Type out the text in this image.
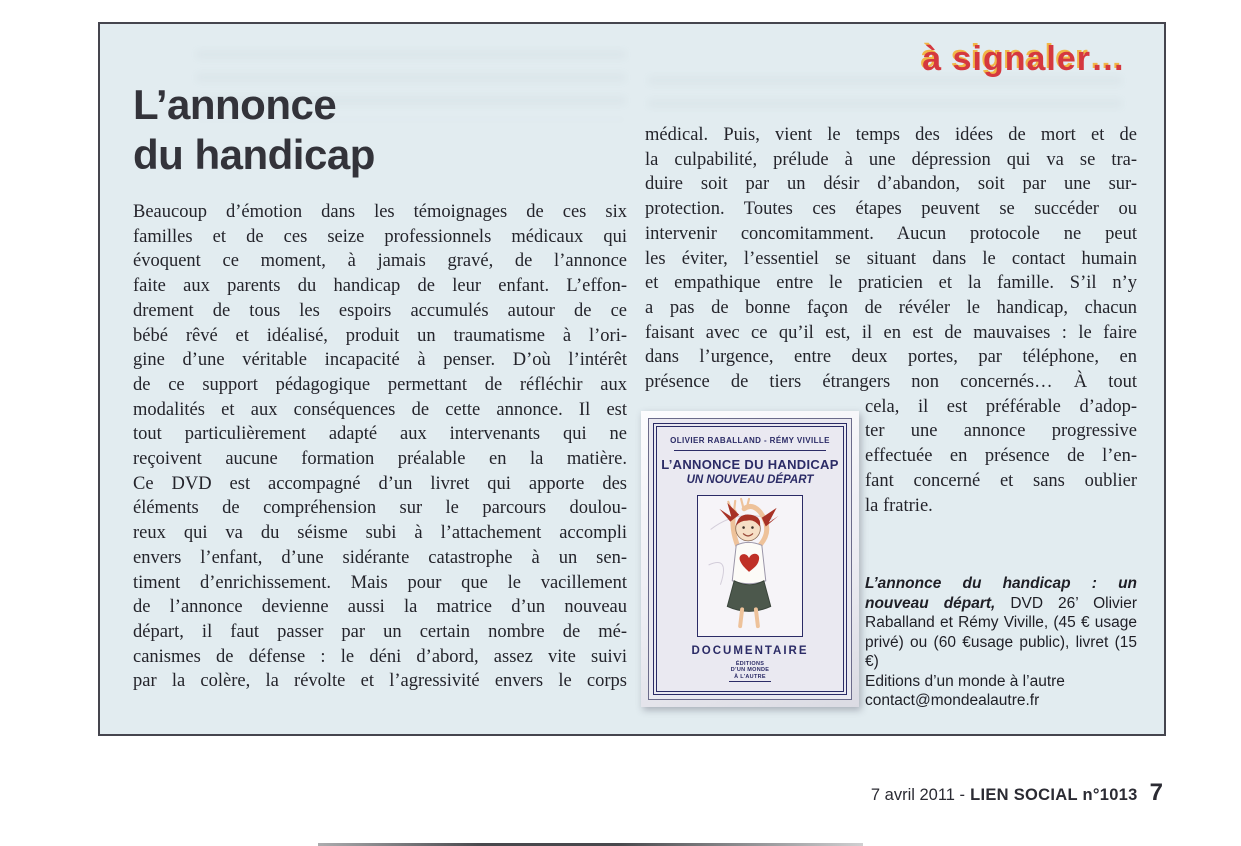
à signaler…
L’annonce
du handicap
Beaucoup d’émotion dans les témoignages de ces six
familles et de ces seize professionnels médicaux qui
évoquent ce moment, à jamais gravé, de l’annonce
faite aux parents du handicap de leur enfant. L’effon-
drement de tous les espoirs accumulés autour de ce
bébé rêvé et idéalisé, produit un traumatisme à l’ori-
gine d’une véritable incapacité à penser. D’où l’intérêt
de ce support pédagogique permettant de réfléchir aux
modalités et aux conséquences de cette annonce. Il est
tout particulièrement adapté aux intervenants qui ne
reçoivent aucune formation préalable en la matière.
Ce DVD est accompagné d’un livret qui apporte des
éléments de compréhension sur le parcours doulou-
reux qui va du séisme subi à l’attachement accompli
envers l’enfant, d’une sidérante catastrophe à un sen-
timent d’enrichissement. Mais pour que le vacillement
de l’annonce devienne aussi la matrice d’un nouveau
départ, il faut passer par un certain nombre de mé-
canismes de défense : le déni d’abord, assez vite suivi
par la colère, la révolte et l’agressivité envers le corps
médical. Puis, vient le temps des idées de mort et de
la culpabilité, prélude à une dépression qui va se tra-
duire soit par un désir d’abandon, soit par une sur-
protection. Toutes ces étapes peuvent se succéder ou
intervenir concomitamment. Aucun protocole ne peut
les éviter, l’essentiel se situant dans le contact humain
et empathique entre le praticien et la famille. S’il n’y
a pas de bonne façon de révéler le handicap, chacun
faisant avec ce qu’il est, il en est de mauvaises : le faire
dans l’urgence, entre deux portes, par téléphone, en
présence de tiers étrangers non concernés… À tout
OLIVIER RABALLAND - RÉMY VIVILLE
L’ANNONCE DU HANDICAP
UN NOUVEAU DÉPART
DOCUMENTAIRE
ÉDITIONS
D’UN MONDE
À L’AUTRE
cela, il est préférable d’adop-
ter une annonce progressive
effectuée en présence de l’en-
fant concerné et sans oublier
la fratrie.
L’annonce du handicap : un nouveau départ, DVD 26’ Olivier Raballand et Rémy Viville, (45 € usage privé) ou (60 €usage public), livret (15 €)
Editions d’un monde à l’autre
contact@mondealautre.fr
7 avril 2011 - LIEN SOCIAL n°1013 7
